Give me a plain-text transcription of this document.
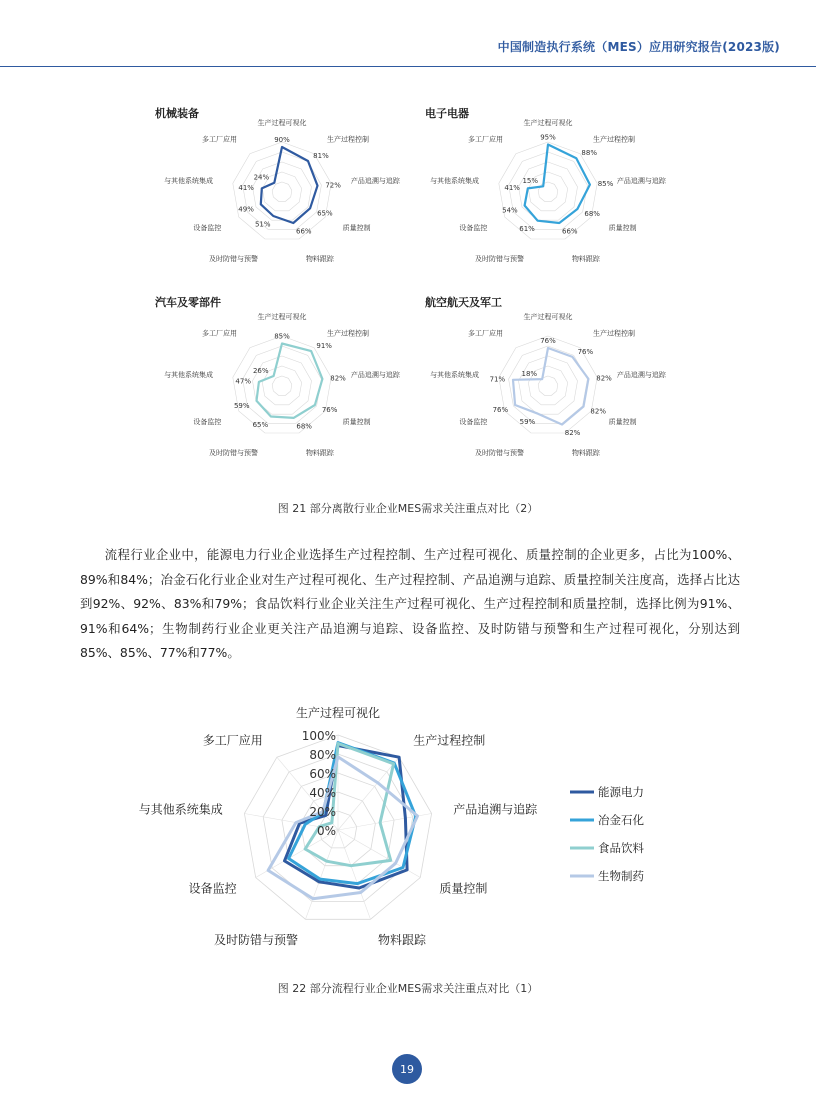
中国制造执行系统（MES）应用研究报告(2023版)
机械装备
90%
81%
72%
65%
66%
51%
49%
41%
24%
生产过程可视化
生产过程控制
产品追溯与追踪
质量控制
物料跟踪
及时防错与预警
设备监控
与其他系统集成
多工厂应用
电子电器
95%
88%
85%
68%
66%
61%
54%
41%
15%
生产过程可视化
生产过程控制
产品追溯与追踪
质量控制
物料跟踪
及时防错与预警
设备监控
与其他系统集成
多工厂应用
汽车及零部件
85%
91%
82%
76%
68%
65%
59%
47%
26%
生产过程可视化
生产过程控制
产品追溯与追踪
质量控制
物料跟踪
及时防错与预警
设备监控
与其他系统集成
多工厂应用
航空航天及军工
76%
76%
82%
82%
82%
59%
76%
71%
18%
生产过程可视化
生产过程控制
产品追溯与追踪
质量控制
物料跟踪
及时防错与预警
设备监控
与其他系统集成
多工厂应用
0%
20%
40%
60%
80%
100%
生产过程可视化
生产过程控制
产品追溯与追踪
质量控制
物料跟踪
及时防错与预警
设备监控
与其他系统集成
多工厂应用
能源电力
冶金石化
食品饮料
生物制药
图 21 部分离散行业企业MES需求关注重点对比（2）
流程行业企业中，能源电力行业企业选择生产过程控制、生产过程可视化、质量控制的企业更多，占比为100%、89%和84%；冶金石化行业企业对生产过程可视化、生产过程控制、产品追溯与追踪、质量控制关注度高，选择占比达到92%、92%、83%和79%；食品饮料行业企业关注生产过程可视化、生产过程控制和质量控制，选择比例为91%、91%和64%；生物制药行业企业更关注产品追溯与追踪、设备监控、及时防错与预警和生产过程可视化，分别达到85%、85%、77%和77%。
图 22 部分流程行业企业MES需求关注重点对比（1）
19
